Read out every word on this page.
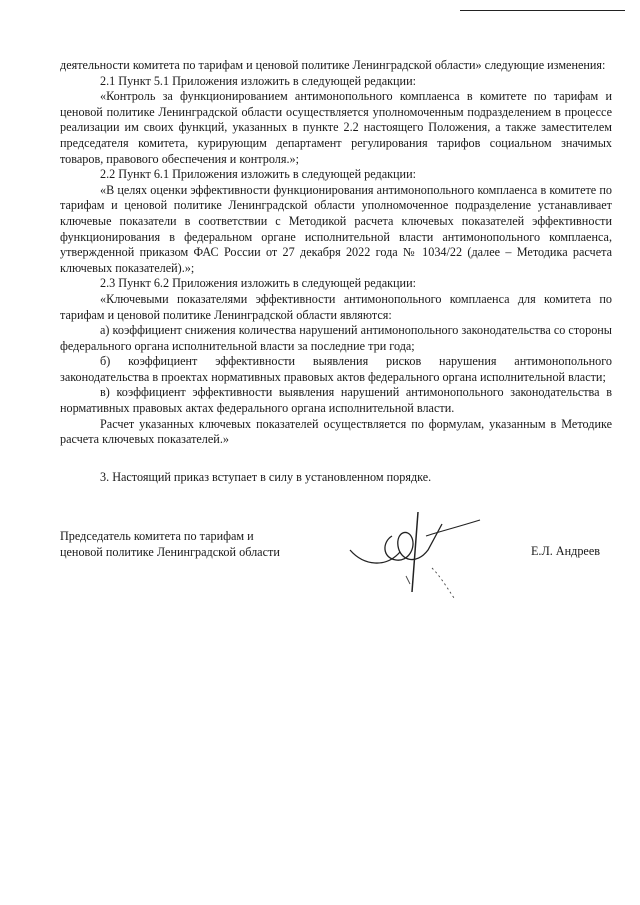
деятельности комитета по тарифам и ценовой политике Ленинградской области» следующие изменения:

2.1 Пункт 5.1 Приложения изложить в следующей редакции:

«Контроль за функционированием антимонопольного комплаенса в комитете по тарифам и ценовой политике Ленинградской области осуществляется уполномоченным подразделением в процессе реализации им своих функций, указанных в пункте 2.2 настоящего Положения, а также заместителем председателя комитета, курирующим департамент регулирования тарифов социальном значимых товаров, правового обеспечения и контроля.»;

2.2 Пункт 6.1 Приложения изложить в следующей редакции:

«В целях оценки эффективности функционирования антимонопольного комплаенса в комитете по тарифам и ценовой политике Ленинградской области уполномоченное подразделение устанавливает ключевые показатели в соответствии с Методикой расчета ключевых показателей эффективности функционирования в федеральном органе исполнительной власти антимонопольного комплаенса, утвержденной приказом ФАС России от 27 декабря 2022 года № 1034/22 (далее – Методика расчета ключевых показателей).»;

2.3 Пункт 6.2 Приложения изложить в следующей редакции:

«Ключевыми показателями эффективности антимонопольного комплаенса для комитета по тарифам и ценовой политике Ленинградской области являются:

а) коэффициент снижения количества нарушений антимонопольного законодательства со стороны федерального органа исполнительной власти за последние три года;

б) коэффициент эффективности выявления рисков нарушения антимонопольного законодательства в проектах нормативных правовых актов федерального органа исполнительной власти;

в) коэффициент эффективности выявления нарушений антимонопольного законодательства в нормативных правовых актах федерального органа исполнительной власти.

Расчет указанных ключевых показателей осуществляется по формулам, указанным в Методике расчета ключевых показателей.»

3. Настоящий приказ вступает в силу в установленном порядке.

Председатель комитета по тарифам и
ценовой политике Ленинградской области	Е.Л. Андреев
